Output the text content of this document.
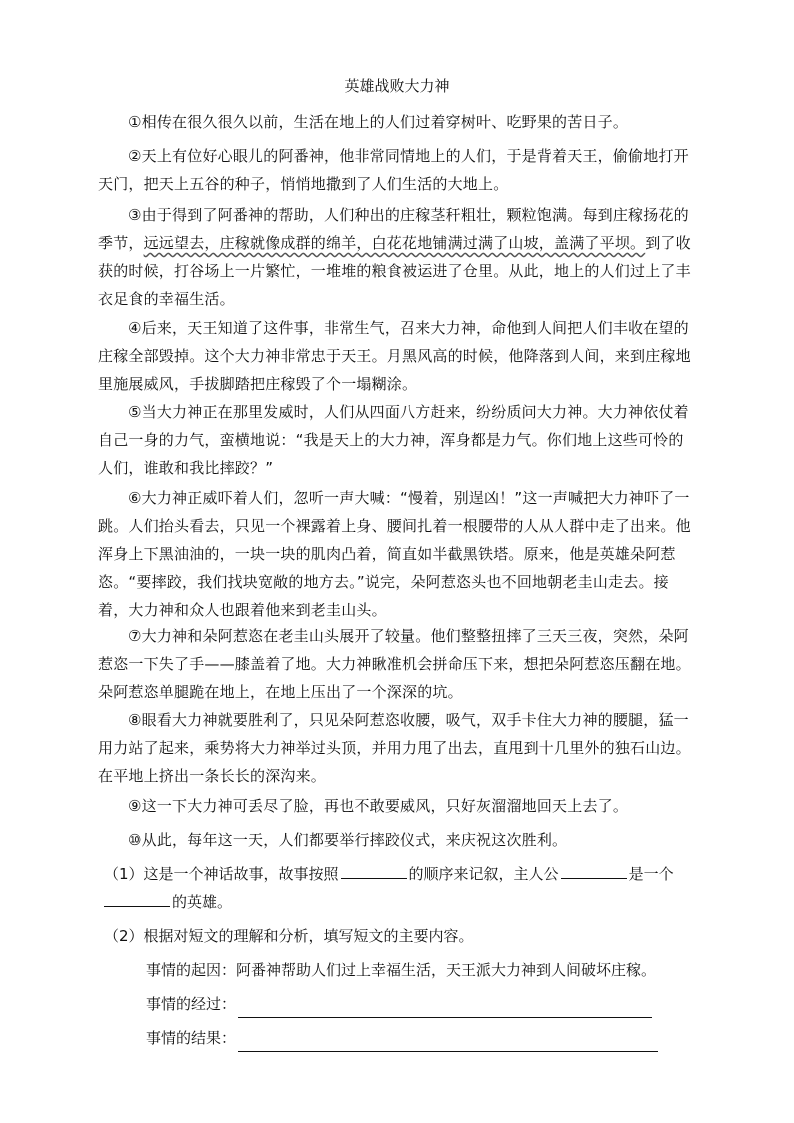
英雄战败大力神

①相传在很久很久以前，生活在地上的人们过着穿树叶、吃野果的苦日子。

②天上有位好心眼儿的阿番神，他非常同情地上的人们，于是背着天王，偷偷地打开天门，把天上五谷的种子，悄悄地撒到了人们生活的大地上。

③由于得到了阿番神的帮助，人们种出的庄稼茎秆粗壮，颗粒饱满。每到庄稼扬花的季节，远远望去，庄稼就像成群的绵羊，白花花地铺满过满了山坡，盖满了平坝。到了收获的时候，打谷场上一片繁忙，一堆堆的粮食被运进了仓里。从此，地上的人们过上了丰衣足食的幸福生活。

④后来，天王知道了这件事，非常生气，召来大力神，命他到人间把人们丰收在望的庄稼全部毁掉。这个大力神非常忠于天王。月黑风高的时候，他降落到人间，来到庄稼地里施展威风，手拔脚踏把庄稼毁了个一塌糊涂。

⑤当大力神正在那里发威时，人们从四面八方赶来，纷纷质问大力神。大力神依仗着自己一身的力气，蛮横地说：“我是天上的大力神，浑身都是力气。你们地上这些可怜的人们，谁敢和我比摔跤？”

⑥大力神正威吓着人们，忽听一声大喊：“慢着，别逞凶！”这一声喊把大力神吓了一跳。人们抬头看去，只见一个裸露着上身、腰间扎着一根腰带的人从人群中走了出来。他浑身上下黑油油的，一块一块的肌肉凸着，简直如半截黑铁塔。原来，他是英雄朵阿惹恣。“要摔跤，我们找块宽敞的地方去。”说完，朵阿惹恣头也不回地朝老圭山走去。接着，大力神和众人也跟着他来到老圭山头。

⑦大力神和朵阿惹恣在老圭山头展开了较量。他们整整扭摔了三天三夜，突然，朵阿惹恣一下失了手——膝盖着了地。大力神瞅准机会拼命压下来，想把朵阿惹恣压翻在地。朵阿惹恣单腿跪在地上，在地上压出了一个深深的坑。

⑧眼看大力神就要胜利了，只见朵阿惹恣收腰，吸气，双手卡住大力神的腰腿，猛一用力站了起来，乘势将大力神举过头顶，并用力甩了出去，直甩到十几里外的独石山边。在平地上挤出一条长长的深沟来。

⑨这一下大力神可丢尽了脸，再也不敢要威风，只好灰溜溜地回天上去了。

⑩从此，每年这一天，人们都要举行摔跤仪式，来庆祝这次胜利。

（1）这是一个神话故事，故事按照	的顺序来记叙，主人公	是一个
的英雄。

（2）根据对短文的理解和分析，填写短文的主要内容。

事情的起因：阿番神帮助人们过上幸福生活，天王派大力神到人间破坏庄稼。
事情的经过：
事情的结果：
